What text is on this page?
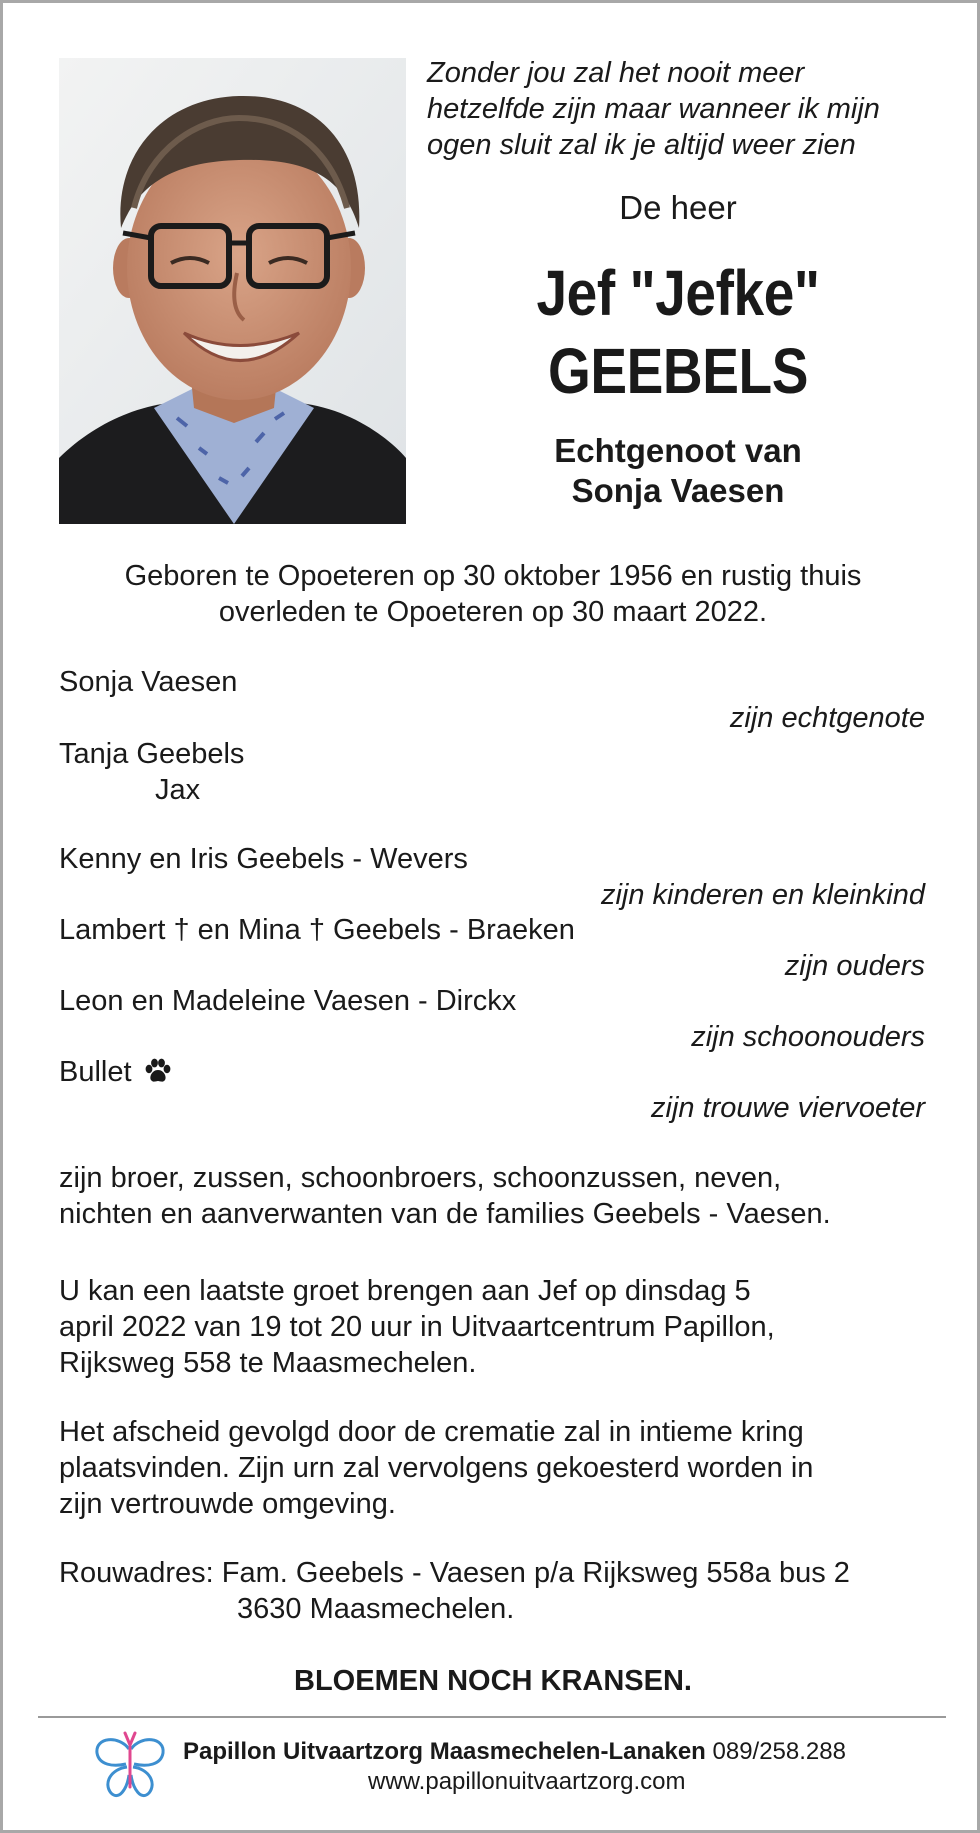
Zonder jou zal het nooit meer
hetzelfde zijn maar wanneer ik mijn
ogen sluit zal ik je altijd weer zien
De heer
Jef "Jefke"
GEEBELS
Echtgenoot van
Sonja Vaesen
Geboren te Opoeteren op 30 oktober 1956 en rustig thuis
overleden te Opoeteren op 30 maart 2022.
Sonja Vaesen
zijn echtgenote
Tanja Geebels
Jax
Kenny en Iris Geebels - Wevers
zijn kinderen en kleinkind
Lambert † en Mina † Geebels - Braeken
zijn ouders
Leon en Madeleine Vaesen - Dirckx
zijn schoonouders
Bullet
zijn trouwe viervoeter
zijn broer, zussen, schoonbroers, schoonzussen, neven,
nichten en aanverwanten van de families Geebels - Vaesen.
U kan een laatste groet brengen aan Jef op dinsdag 5
april 2022 van 19 tot 20 uur in Uitvaartcentrum Papillon,
Rijksweg 558 te Maasmechelen.
Het afscheid gevolgd door de crematie zal in intieme kring
plaatsvinden. Zijn urn zal vervolgens gekoesterd worden in
zijn vertrouwde omgeving.
Rouwadres: Fam. Geebels - Vaesen p/a Rijksweg 558a bus 2
3630 Maasmechelen.
BLOEMEN NOCH KRANSEN.
Papillon Uitvaartzorg Maasmechelen-Lanaken 089/258.288
www.papillonuitvaartzorg.com
